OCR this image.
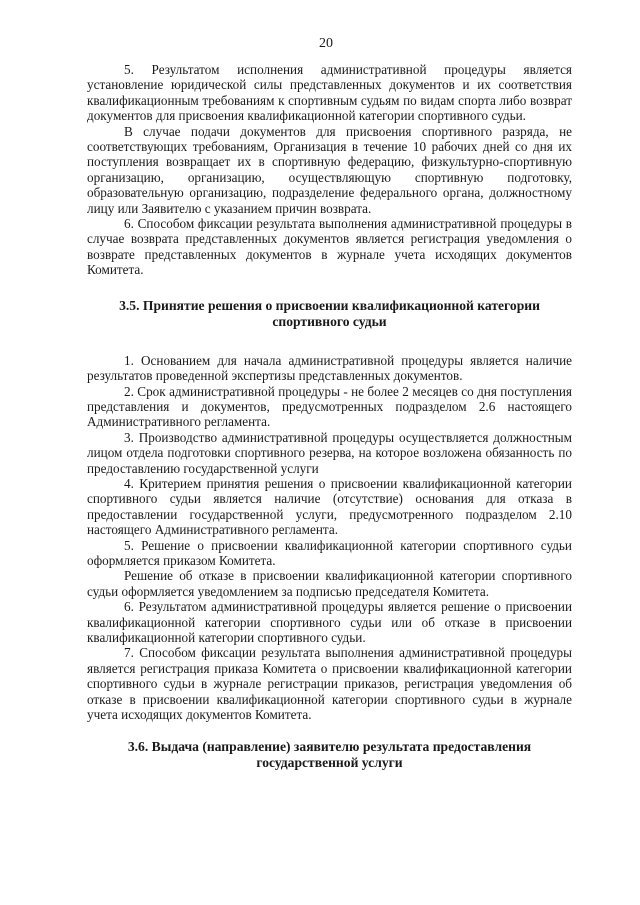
20

5. Результатом исполнения административной процедуры является установление юридической силы представленных документов и их соответствия квалификационным требованиям к спортивным судьям по видам спорта либо возврат документов для присвоения квалификационной категории спортивного судьи.

В случае подачи документов для присвоения спортивного разряда, не соответствующих требованиям, Организация в течение 10 рабочих дней со дня их поступления возвращает их в спортивную федерацию, физкультурно-спортивную организацию, организацию, осуществляющую спортивную подготовку, образовательную организацию, подразделение федерального органа, должностному лицу или Заявителю с указанием причин возврата.

6. Способом фиксации результата выполнения административной процедуры в случае возврата представленных документов является регистрация уведомления о возврате представленных документов в журнале учета исходящих документов Комитета.

3.5. Принятие решения о присвоении квалификационной категории
спортивного судьи

1. Основанием для начала административной процедуры является наличие результатов проведенной экспертизы представленных документов.

2. Срок административной процедуры - не более 2 месяцев со дня поступления представления и документов, предусмотренных подразделом 2.6 настоящего Административного регламента.

3. Производство административной процедуры осуществляется должностным лицом отдела подготовки спортивного резерва, на которое возложена обязанность по предоставлению государственной услуги

4. Критерием принятия решения о присвоении квалификационной категории спортивного судьи является наличие (отсутствие) основания для отказа в предоставлении государственной услуги, предусмотренного подразделом 2.10 настоящего Административного регламента.

5. Решение о присвоении квалификационной категории спортивного судьи оформляется приказом Комитета.

Решение об отказе в присвоении квалификационной категории спортивного судьи оформляется уведомлением за подписью председателя Комитета.

6. Результатом административной процедуры является решение о присвоении квалификационной категории спортивного судьи или об отказе в присвоении квалификационной категории спортивного судьи.

7. Способом фиксации результата выполнения административной процедуры является регистрация приказа Комитета о присвоении квалификационной категории спортивного судьи в журнале регистрации приказов, регистрация уведомления об отказе в присвоении квалификационной категории спортивного судьи в журнале учета исходящих документов Комитета.

3.6. Выдача (направление) заявителю результата предоставления
государственной услуги
